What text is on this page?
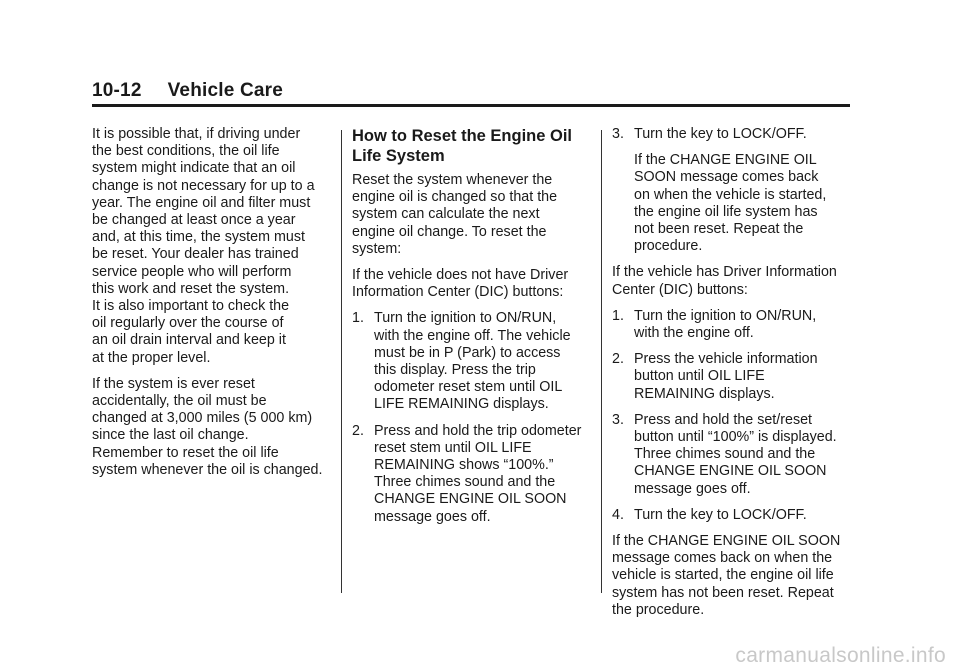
10-12 Vehicle Care

It is possible that, if driving under
the best conditions, the oil life
system might indicate that an oil
change is not necessary for up to a
year. The engine oil and filter must
be changed at least once a year
and, at this time, the system must
be reset. Your dealer has trained
service people who will perform
this work and reset the system.
It is also important to check the
oil regularly over the course of
an oil drain interval and keep it
at the proper level.

If the system is ever reset
accidentally, the oil must be
changed at 3,000 miles (5 000 km)
since the last oil change.
Remember to reset the oil life
system whenever the oil is changed.

How to Reset the Engine Oil
Life System

Reset the system whenever the
engine oil is changed so that the
system can calculate the next
engine oil change. To reset the
system:

If the vehicle does not have Driver
Information Center (DIC) buttons:

1. Turn the ignition to ON/RUN,
with the engine off. The vehicle
must be in P (Park) to access
this display. Press the trip
odometer reset stem until OIL
LIFE REMAINING displays.
2. Press and hold the trip odometer
reset stem until OIL LIFE
REMAINING shows “100%.”
Three chimes sound and the
CHANGE ENGINE OIL SOON
message goes off.
3. Turn the key to LOCK/OFF.

If the CHANGE ENGINE OIL
SOON message comes back
on when the vehicle is started,
the engine oil life system has
not been reset. Repeat the
procedure.

If the vehicle has Driver Information
Center (DIC) buttons:

1. Turn the ignition to ON/RUN,
with the engine off.
2. Press the vehicle information
button until OIL LIFE
REMAINING displays.
3. Press and hold the set/reset
button until “100%” is displayed.
Three chimes sound and the
CHANGE ENGINE OIL SOON
message goes off.
4. Turn the key to LOCK/OFF.

If the CHANGE ENGINE OIL SOON
message comes back on when the
vehicle is started, the engine oil life
system has not been reset. Repeat
the procedure.

carmanualsonline.info
